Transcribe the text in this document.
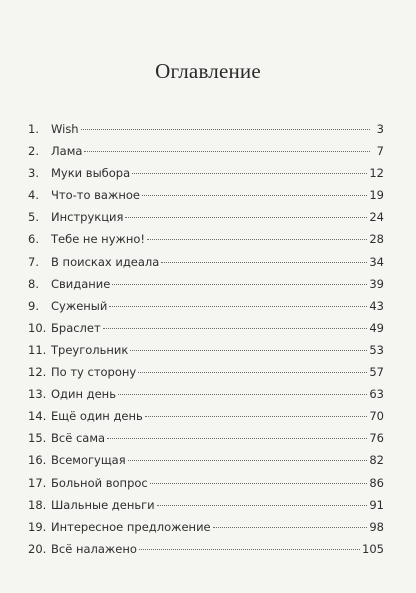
Оглавление
1.	Wish	3
2.	Лама	7
3.	Муки выбора	12
4.	Что-то важное	19
5.	Инструкция	24
6.	Тебе не нужно!	28
7.	В поисках идеала	34
8.	Свидание	39
9.	Суженый	43
10. Браслет	49
11. Треугольник	53
12. По ту сторону	57
13. Один день	63
14. Ещё один день	70
15. Всё сама	76
16. Всемогущая	82
17. Больной вопрос	86
18. Шальные деньги	91
19. Интересное предложение	98
20. Всё налажено	105
